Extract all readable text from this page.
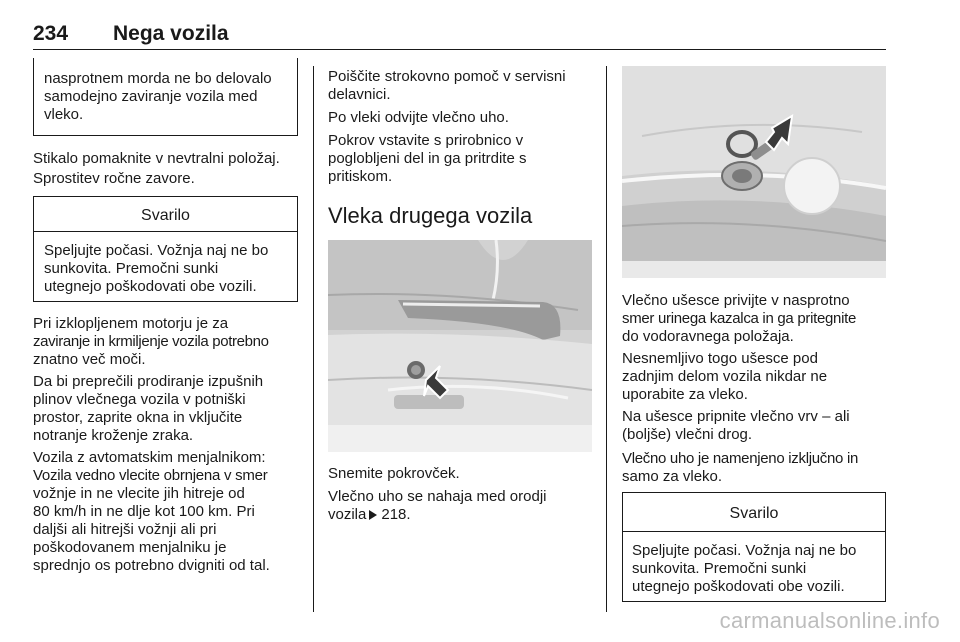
234 Nega vozila

nasprotnem morda ne bo delovalo

samodejno zaviranje vozila med

vleko.

Stikalo pomaknite v nevtralni položaj.

Sprostitev ročne zavore.

Svarilo

Speljujte počasi. Vožnja naj ne bo

sunkovita. Premočni sunki

utegnejo poškodovati obe vozili.

Pri izklopljenem motorju je za

zaviranje in krmiljenje vozila potrebno

znatno več moči.

Da bi preprečili prodiranje izpušnih

plinov vlečnega vozila v potniški

prostor, zaprite okna in vključite

notranje kroženje zraka.

Vozila z avtomatskim menjalnikom:

Vozila vedno vlecite obrnjena v smer

vožnje in ne vlecite jih hitreje od

80 km/h in ne dlje kot 100 km. Pri

daljši ali hitrejši vožnji ali pri

poškodovanem menjalniku je

sprednjo os potrebno dvigniti od tal.

Poiščite strokovno pomoč v servisni

delavnici.

Po vleki odvijte vlečno uho.

Pokrov vstavite s prirobnico v

poglobljeni del in ga pritrdite s

pritiskom.

Vleka drugega vozila

Snemite pokrovček.

Vlečno uho se nahaja med orodji

vozila 218.

Vlečno ušesce privijte v nasprotno

smer urinega kazalca in ga pritegnite

do vodoravnega položaja.

Nesnemljivo togo ušesce pod

zadnjim delom vozila nikdar ne

uporabite za vleko.

Na ušesce pripnite vlečno vrv – ali

(boljše) vlečni drog.

Vlečno uho je namenjeno izključno in

samo za vleko.

Svarilo

Speljujte počasi. Vožnja naj ne bo

sunkovita. Premočni sunki

utegnejo poškodovati obe vozili.

carmanualsonline.info
